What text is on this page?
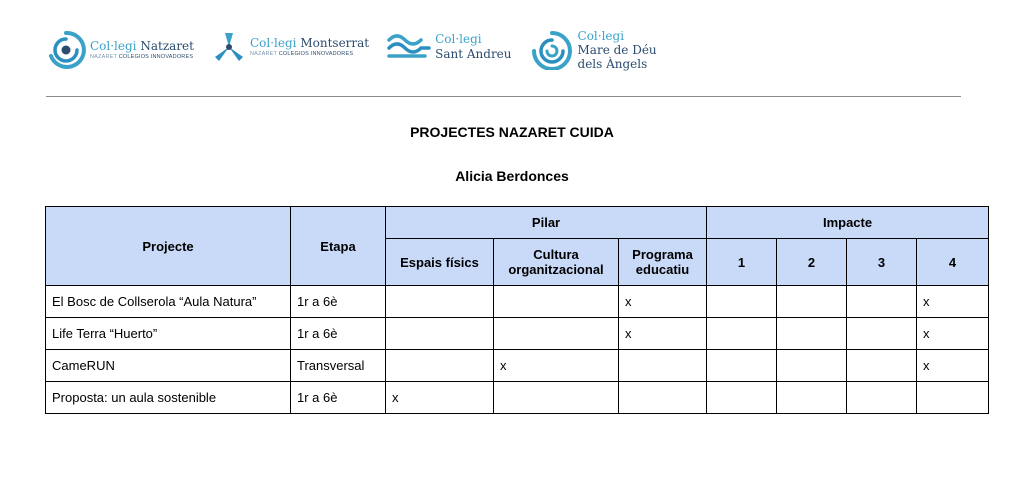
Col·legi Natzaret
NAZARET COLEGIOS INNOVADORES
Col·legi Montserrat
NAZARET COLEGIOS INNOVADORES
Col·legi
Sant Andreu
Col·legi
Mare de Déu
dels Àngels
PROJECTES NAZARET CUIDA
Alicia Berdonces
Projecte	Etapa	Pilar			Impacte			
		Espais físics	Cultura organitzacional	Programa educatiu	1	2	3	4
El Bosc de Collserola “Aula Natura”	1r a 6è			x				x
Life Terra “Huerto”	1r a 6è			x				x
CameRUN	Transversal		x					x
Proposta: un aula sostenible	1r a 6è	x						
